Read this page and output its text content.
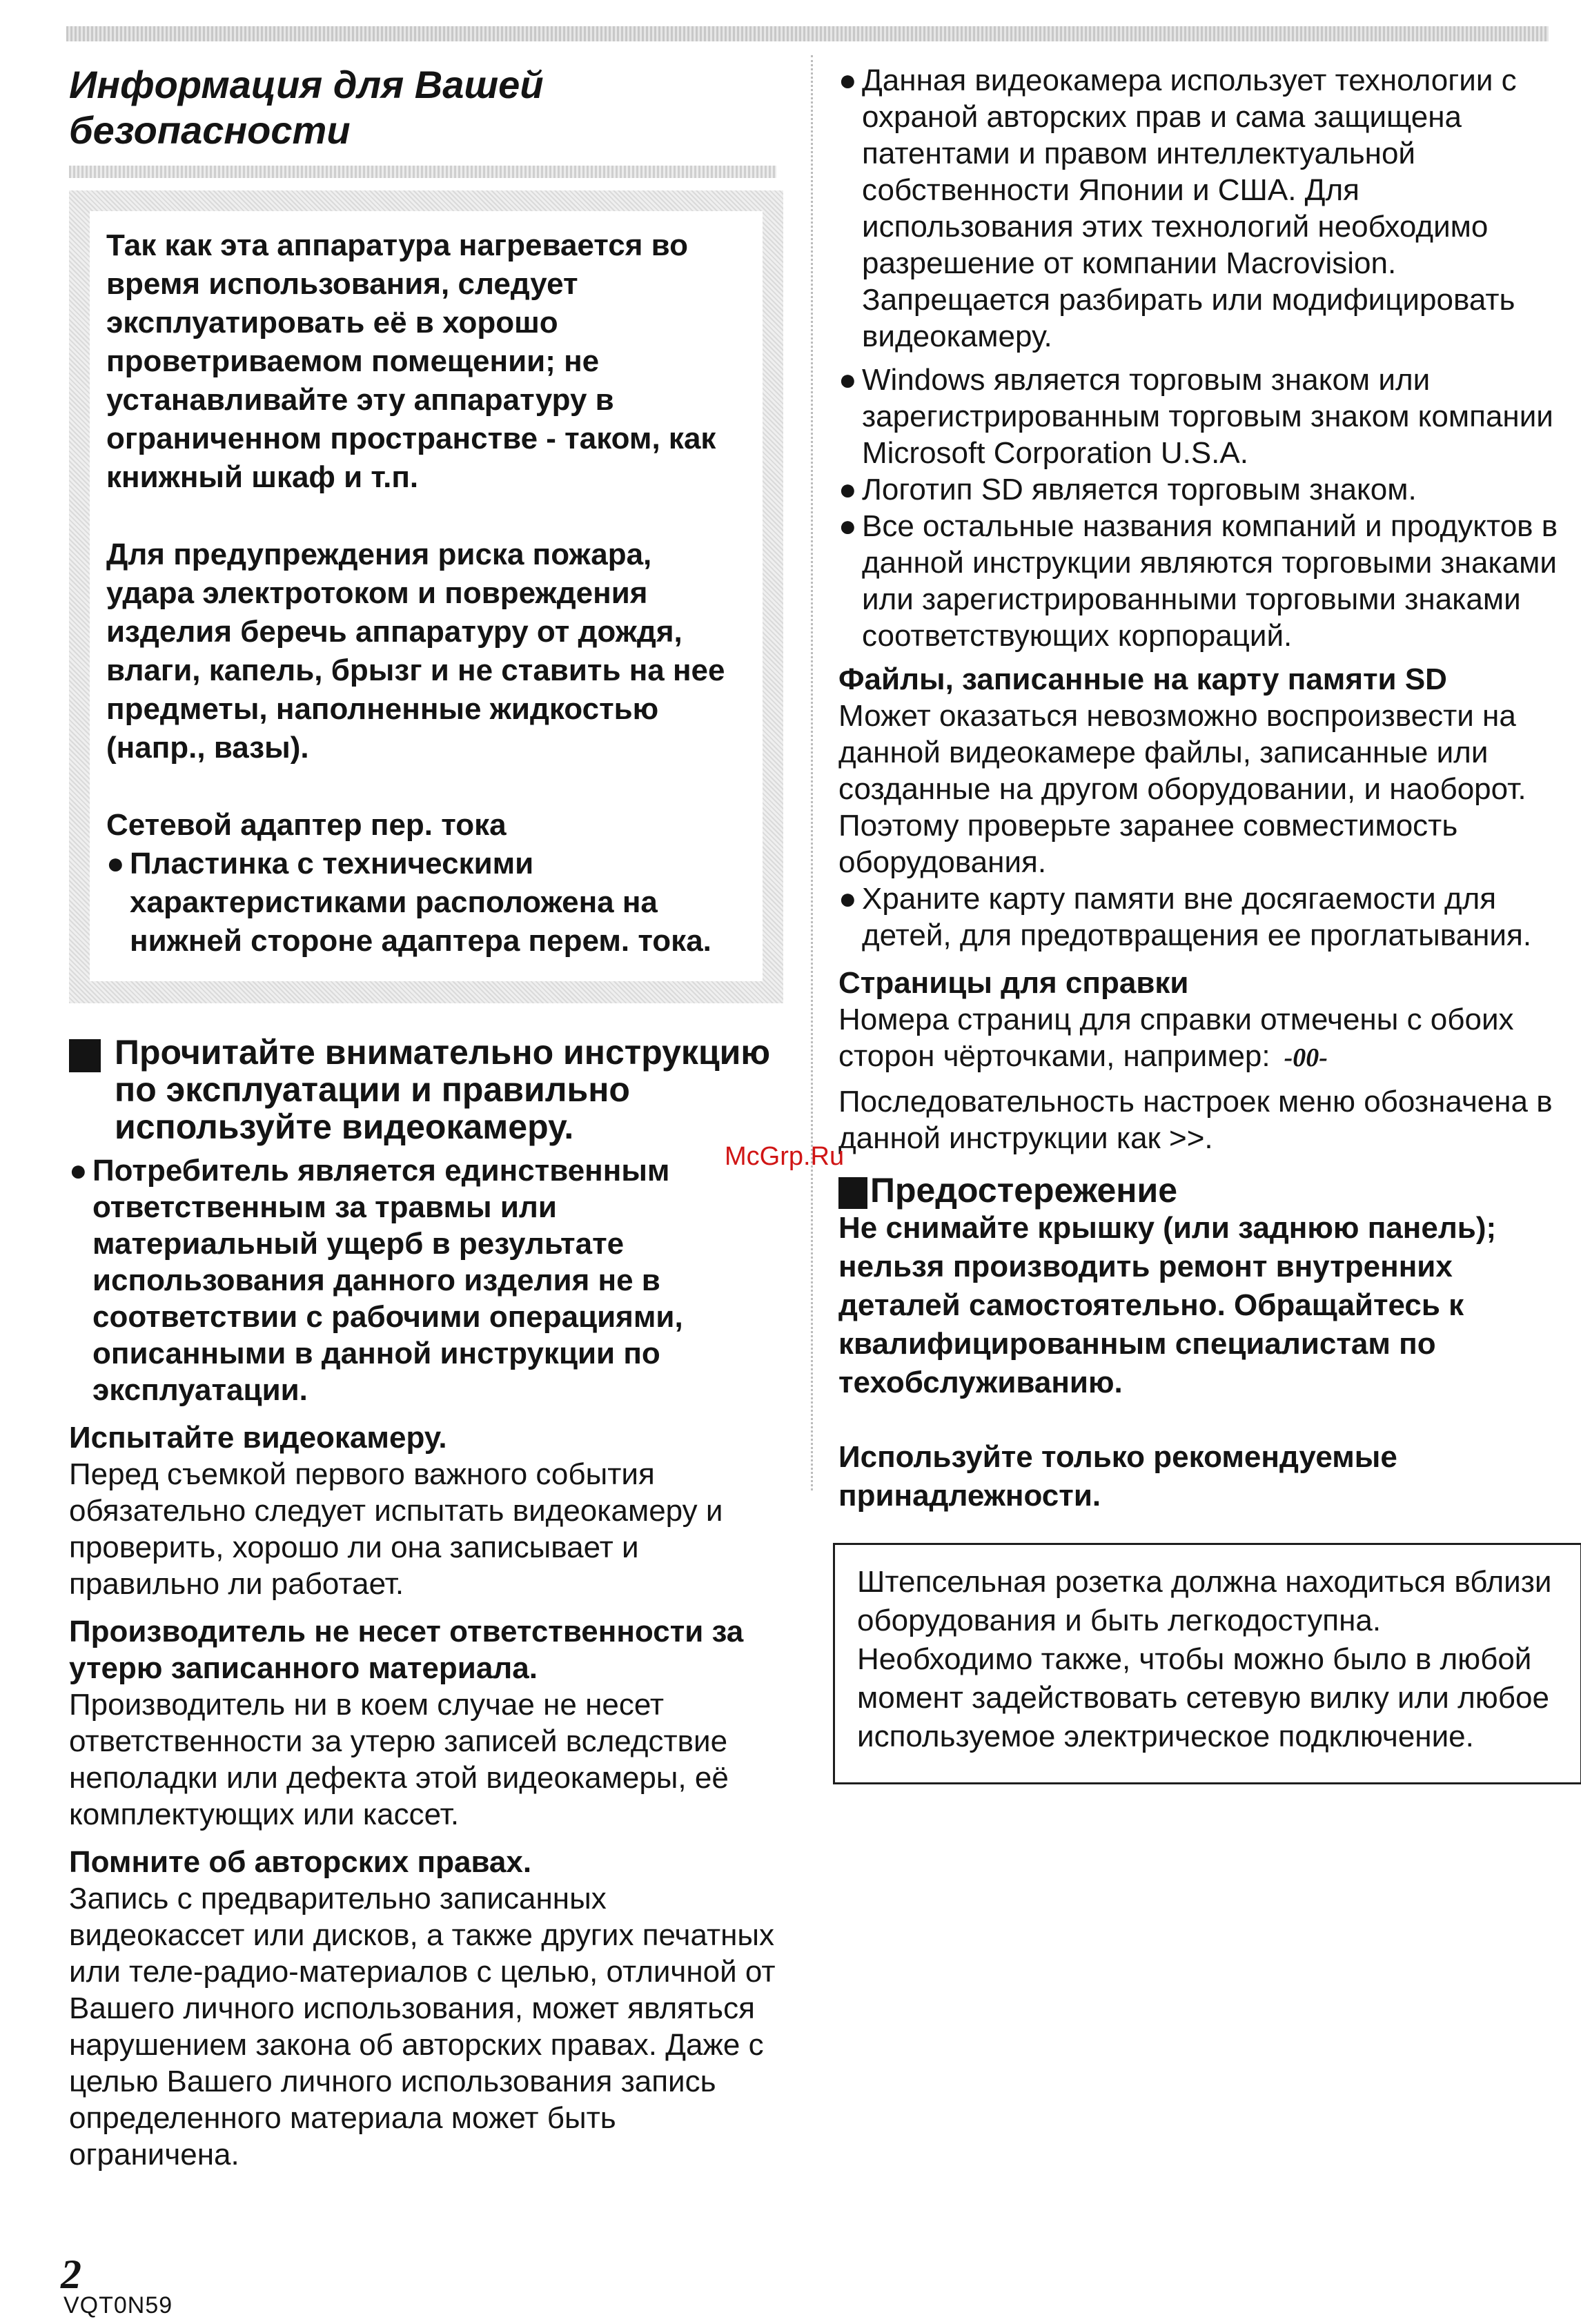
Информация для Вашей безопасности

Так как эта аппаратура нагревается во время использования, следует эксплуатировать её в хорошо проветриваемом помещении; не устанавливайте эту аппаратуру в ограниченном пространстве - таком, как книжный шкаф и т.п.

Для предупреждения риска пожара, удара электротоком и повреждения изделия беречь аппаратуру от дождя, влаги, капель, брызг и не ставить на нее предметы, наполненные жидкостью (напр., вазы).

Сетевой адаптер пер. тока

● Пластинка с техническими характеристиками расположена на нижней стороне адаптера перем. тока.

Прочитайте внимательно инструкцию по эксплуатации и правильно используйте видеокамеру.

● Потребитель является единственным ответственным за травмы или материальный ущерб в результате использования данного изделия не в соответствии с рабочими операциями, описанными в данной инструкции по эксплуатации.

Испытайте видеокамеру.

Перед съемкой первого важного события обязательно следует испытать видеокамеру и проверить, хорошо ли она записывает и правильно ли работает.

Производитель не несет ответственности за утерю записанного материала.

Производитель ни в коем случае не несет ответственности за утерю записей вследствие неполадки или дефекта этой видеокамеры, её комплектующих или кассет.

Помните об авторских правах.

Запись с предварительно записанных видеокассет или дисков, а также других печатных или теле-радио-материалов с целью, отличной от Вашего личного использования, может являться нарушением закона об авторских правах. Даже с целью Вашего личного использования запись определенного материала может быть ограничена.

● Данная видеокамера использует технологии с охраной авторских прав и сама защищена патентами и правом интеллектуальной собственности Японии и США. Для использования этих технологий необходимо разрешение от компании Macrovision. Запрещается разбирать или модифицировать видеокамеру.

● Windows является торговым знаком или зарегистрированным торговым знаком компании Microsoft Corporation U.S.A.

● Логотип SD является торговым знаком.

● Все остальные названия компаний и продуктов в данной инструкции являются торговыми знаками или зарегистрированными торговыми знаками соответствующих корпораций.

Файлы, записанные на карту памяти SD

Может оказаться невозможно воспроизвести на данной видеокамере файлы, записанные или созданные на другом оборудовании, и наоборот. Поэтому проверьте заранее совместимость оборудования.

● Храните карту памяти вне досягаемости для детей, для предотвращения ее проглатывания.

Страницы для справки

Номера страниц для справки отмечены с обоих сторон чёрточками, например: -00-

Последовательность настроек меню обозначена в данной инструкции как >>.

Предостережение

Не снимайте крышку (или заднюю панель); нельзя производить ремонт внутренних деталей самостоятельно. Обращайтесь к квалифицированным специалистам по техобслуживанию.

Используйте только рекомендуемые принадлежности.

Штепсельная розетка должна находиться вблизи оборудования и быть легкодоступна. Необходимо также, чтобы можно было в любой момент задействовать сетевую вилку или любое используемое электрическое подключение.

McGrp.Ru
2
VQT0N59
